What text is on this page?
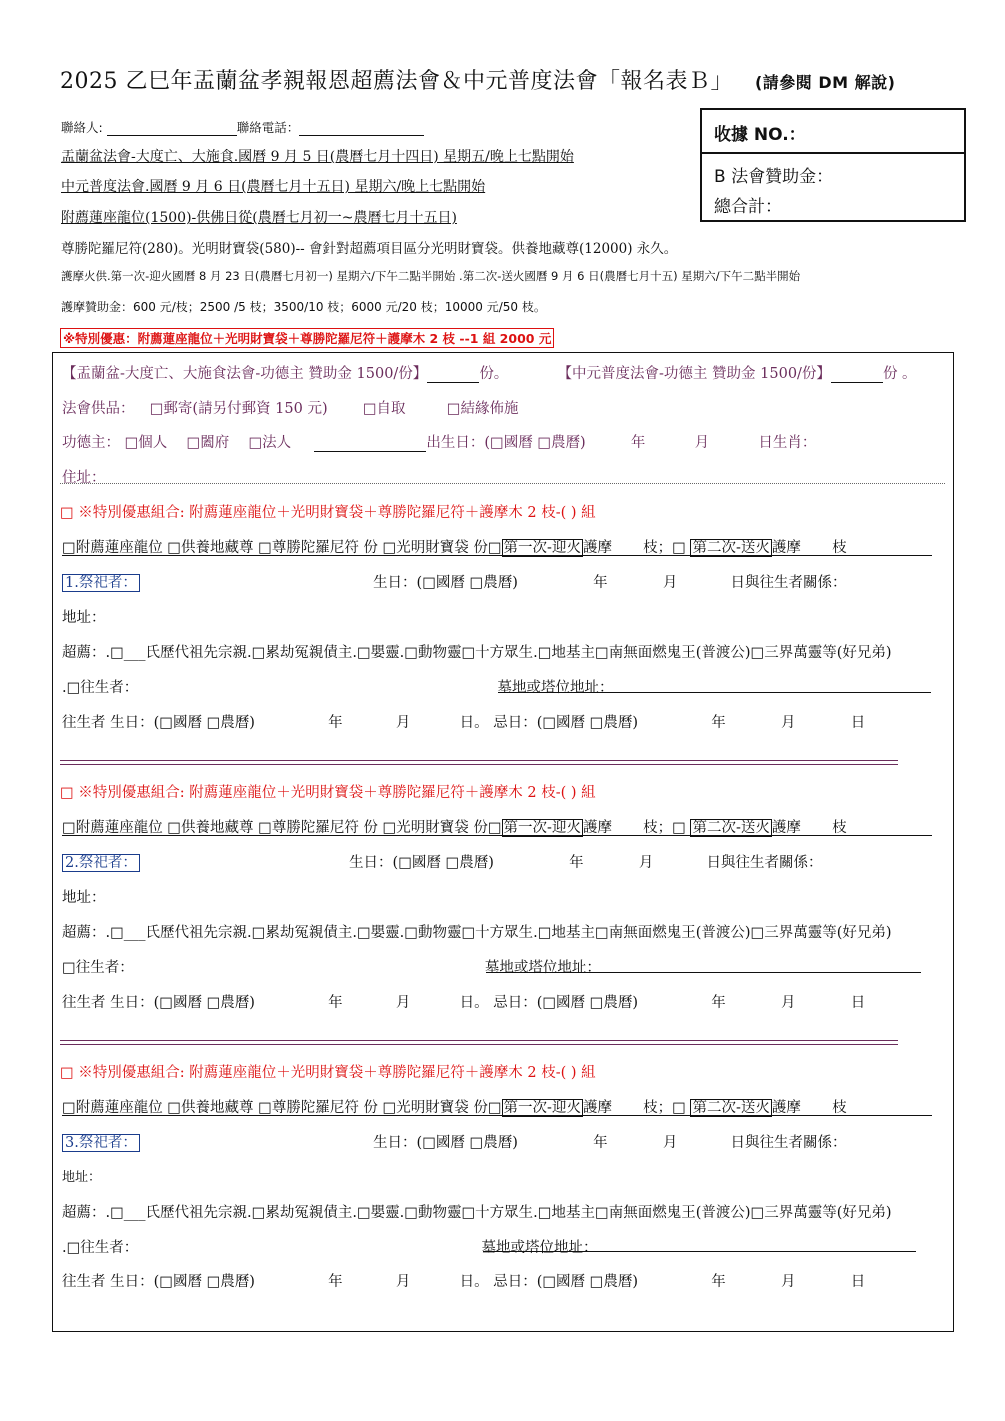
2025 乙巳年盂蘭盆孝親報恩超薦法會＆中元普度法會「報名表Ｂ」 (請參閱 DM 解說)
聯絡人:	聯絡電話：	收據 NO.：
B 法會贊助金：
總合計：
盂蘭盆法會-大度亡、大施食.國曆 9 月 5 日(農曆七月十四日) 星期五/晚上七點開始
中元普度法會.國曆 9 月 6 日(農曆七月十五日) 星期六/晚上七點開始
附薦蓮座龍位(1500)-供佛日從(農曆七月初一~農曆七月十五日)
尊勝陀羅尼符(280)。光明財寶袋(580)-- 會針對超薦項目區分光明財寶袋。供養地藏尊(12000) 永久。
護摩火供.第一次-迎火國曆 8 月 23 日(農曆七月初一) 星期六/下午二點半開始 .第二次-送火國曆 9 月 6 日(農曆七月十五) 星期六/下午二點半開始
護摩贊助金：600 元/枝；2500 /5 枝；3500/10 枝；6000 元/20 枝；10000 元/50 枝。
※特別優惠：附薦蓮座龍位＋光明財寶袋＋尊勝陀羅尼符＋護摩木 2 枝 --1 組 2000 元
【盂蘭盆-大度亡、大施食法會-功德主 贊助金 1500/份】	份。	【中元普度法會-功德主 贊助金 1500/份】	份 。
法會供品： □郵寄(請另付郵資 150 元) □自取	□結緣佈施
功德主： □個人 □闔府 □法人	出生日：(□國曆 □農曆)	年	月	日生肖：
住址：
□ ※特別優惠組合: 附薦蓮座龍位＋光明財寶袋＋尊勝陀羅尼符＋護摩木 2 枝-( ) 組
□附薦蓮座龍位 □供養地藏尊 □尊勝陀羅尼符 份 □光明財寶袋 份□ 第一次-迎火 護摩 枝；□ 第二次-送火 護摩 枝
1.祭祀者：	生日：(□國曆 □農曆)	年	月	日與往生者關係：
地址：
超薦：.□___氏歷代祖先宗親.□累劫冤親債主.□嬰靈.□動物靈□十方眾生.□地基主□南無面燃鬼王(普渡公)□三界萬靈等(好兄弟)
.□往生者：	墓地或塔位地址：
往生者 生日：(□國曆 □農曆)	年	月	日。 忌日：(□國曆 □農曆)	年	月	日
□ ※特別優惠組合: 附薦蓮座龍位＋光明財寶袋＋尊勝陀羅尼符＋護摩木 2 枝-( ) 組
□附薦蓮座龍位 □供養地藏尊 □尊勝陀羅尼符 份 □光明財寶袋 份□ 第一次-迎火 護摩 枝；□ 第二次-送火 護摩 枝
2.祭祀者：	生日：(□國曆 □農曆)	年	月	日與往生者關係：
地址：
超薦：.□___氏歷代祖先宗親.□累劫冤親債主.□嬰靈.□動物靈□十方眾生.□地基主□南無面燃鬼王(普渡公)□三界萬靈等(好兄弟)
□往生者：	墓地或塔位地址：
往生者 生日：(□國曆 □農曆)	年	月	日。 忌日：(□國曆 □農曆)	年	月	日
□ ※特別優惠組合: 附薦蓮座龍位＋光明財寶袋＋尊勝陀羅尼符＋護摩木 2 枝-( ) 組
□附薦蓮座龍位 □供養地藏尊 □尊勝陀羅尼符 份 □光明財寶袋 份□ 第一次-迎火 護摩 枝；□ 第二次-送火 護摩 枝
3.祭祀者：	生日：(□國曆 □農曆)	年	月	日與往生者關係：
地址：
超薦：.□___氏歷代祖先宗親.□累劫冤親債主.□嬰靈.□動物靈□十方眾生.□地基主□南無面燃鬼王(普渡公)□三界萬靈等(好兄弟)
.□往生者：	墓地或塔位地址：
往生者 生日：(□國曆 □農曆)	年	月	日。 忌日：(□國曆 □農曆)	年	月	日
